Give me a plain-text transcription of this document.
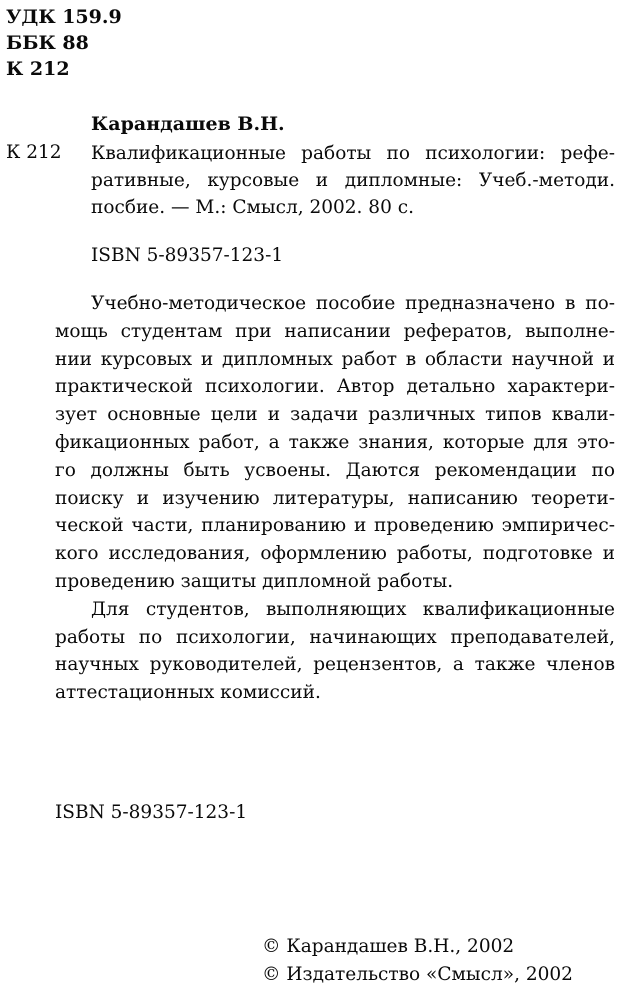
УДК 159.9
ББК 88
К 212
Карандашев В.Н.
К 212 Квалификационные работы по психологии: рефе-
ративные, курсовые и дипломные: Учеб.-методи.
посбие. — М.: Смысл, 2002. 80 с.
ISBN 5-89357-123-1
Учебно-методическое пособие предназначено в по-
мощь студентам при написании рефератов, выполне-
нии курсовых и дипломных работ в области научной и
практической психологии. Автор детально характери-
зует основные цели и задачи различных типов квали-
фикационных работ, а также знания, которые для это-
го должны быть усвоены. Даются рекомендации по
поиску и изучению литературы, написанию теорети-
ческой части, планированию и проведению эмпиричес-
кого исследования, оформлению работы, подготовке и
проведению защиты дипломной работы.
Для студентов, выполняющих квалификационные
работы по психологии, начинающих преподавателей,
научных руководителей, рецензентов, а также членов
аттестационных комиссий.
ISBN 5-89357-123-1
© Карандашев В.Н., 2002
© Издательство «Смысл», 2002
